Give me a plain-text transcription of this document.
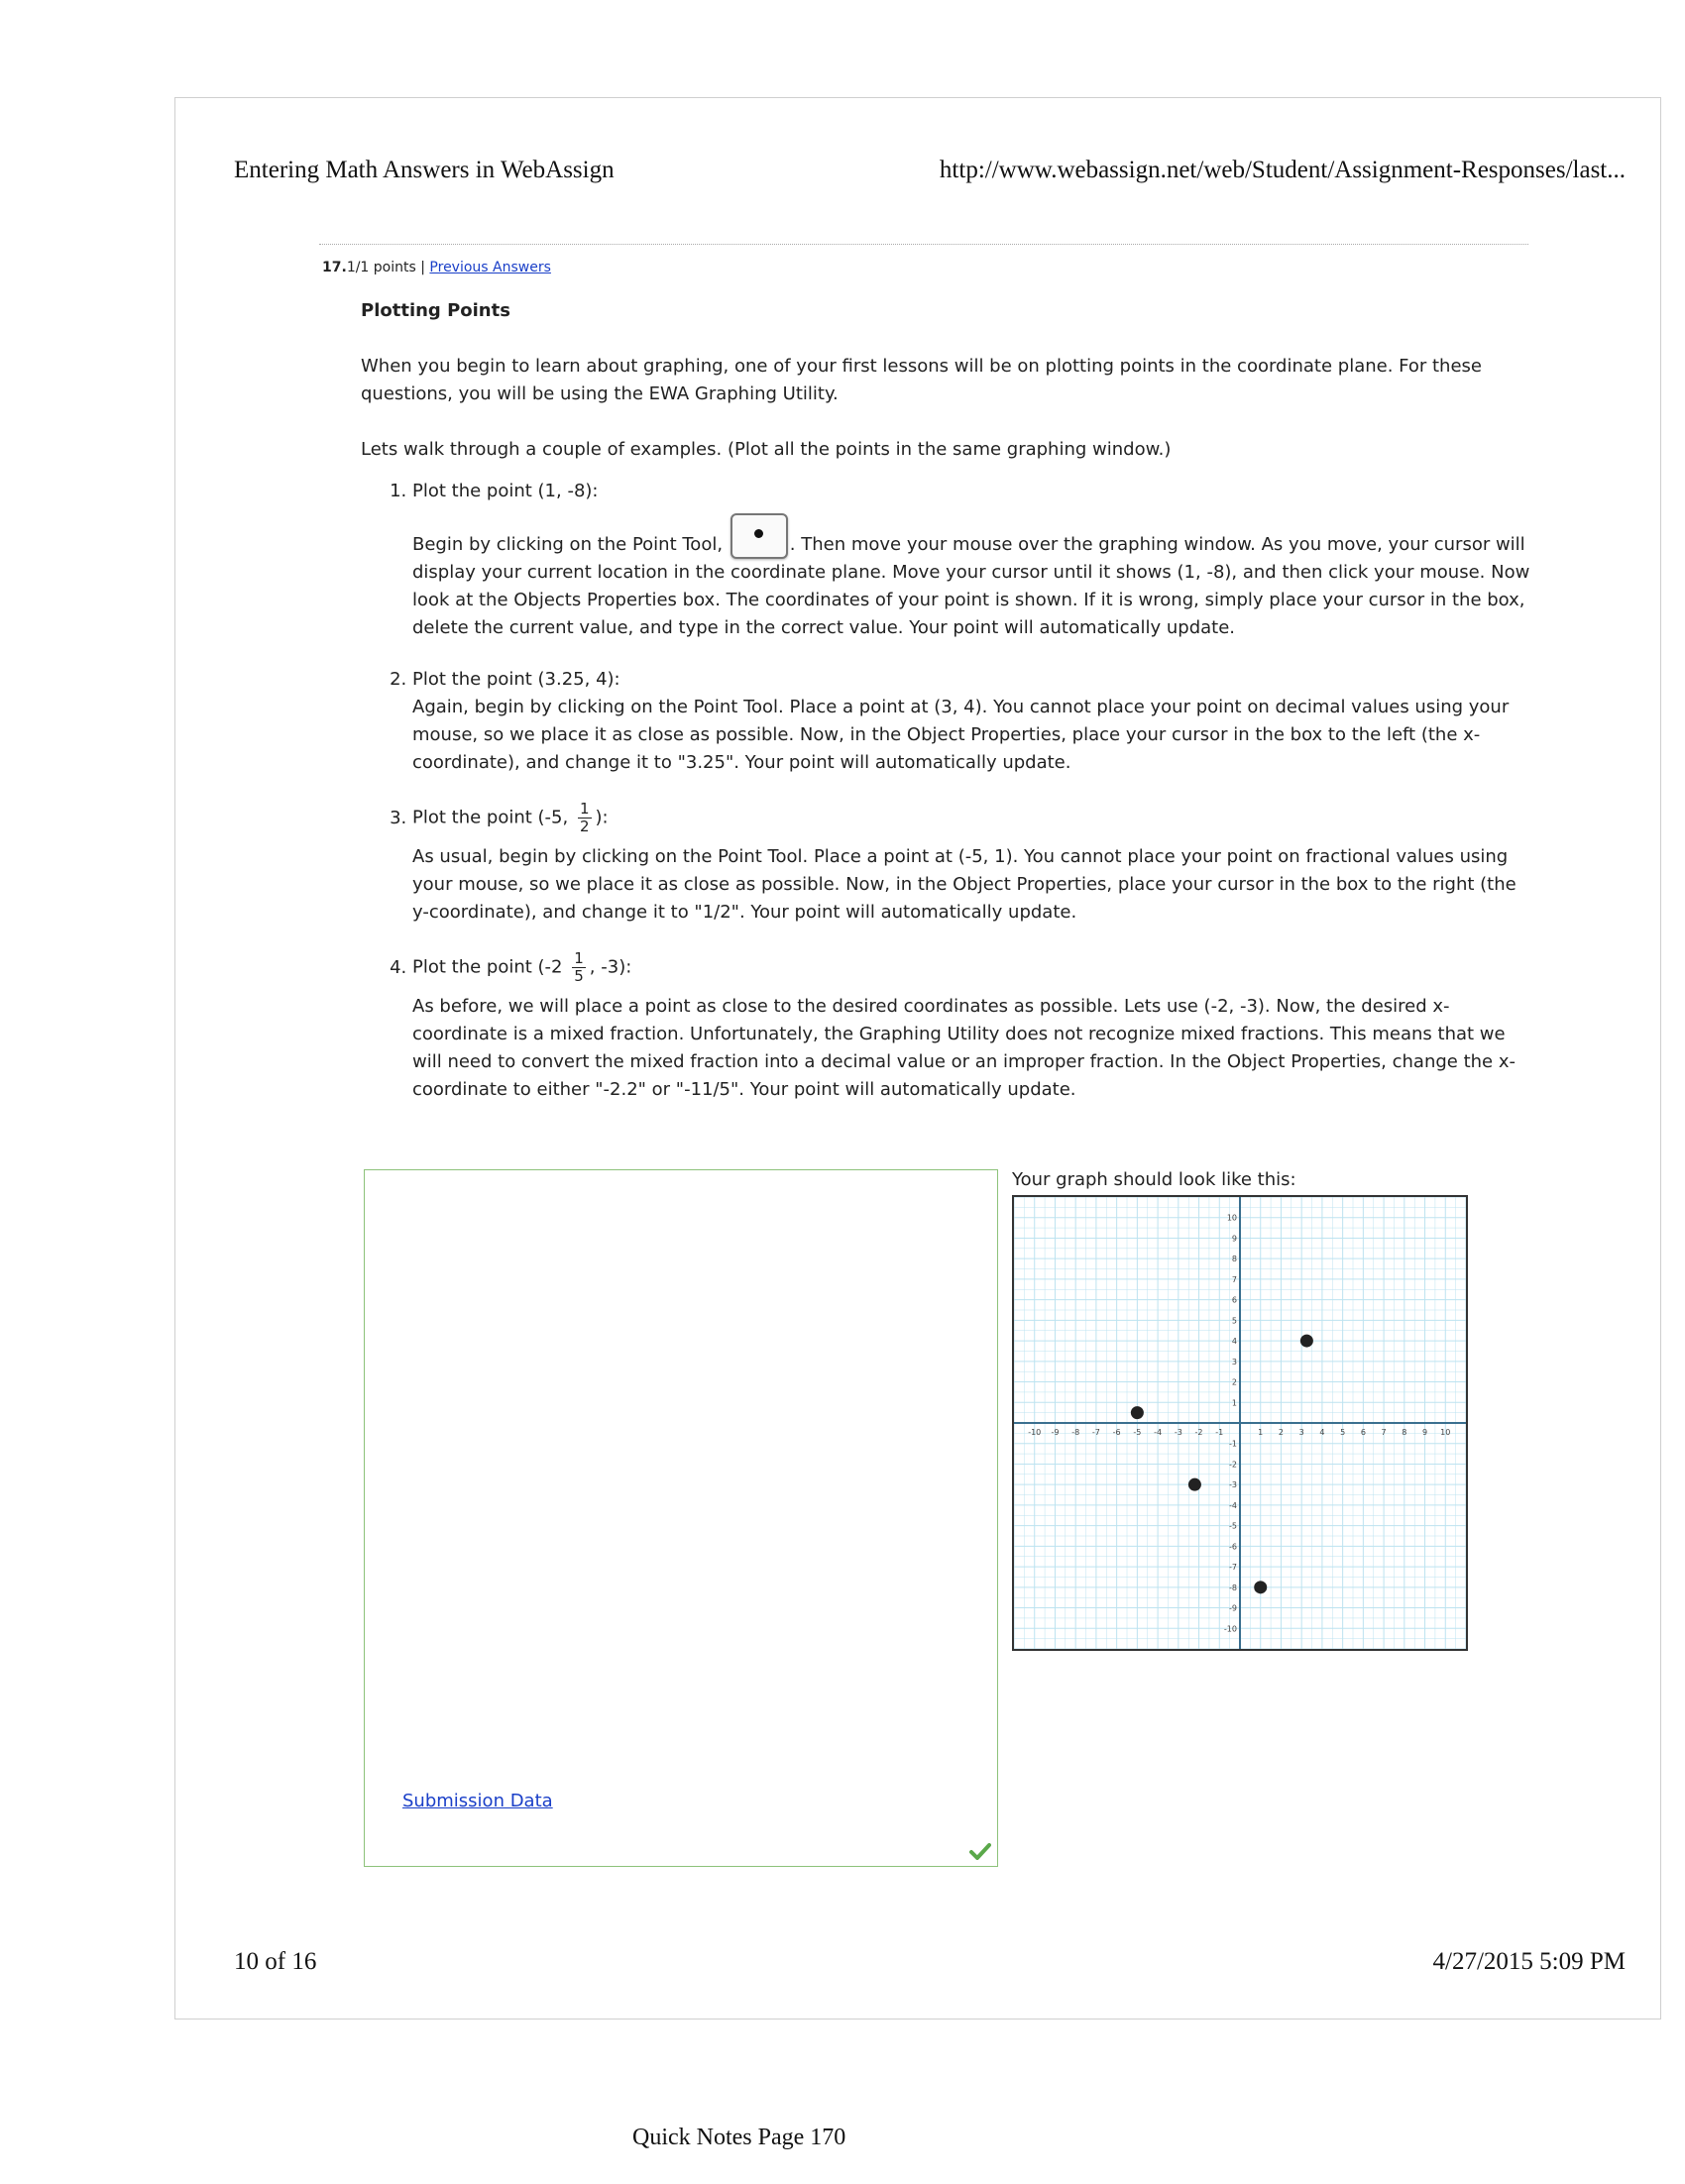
Entering Math Answers in WebAssign	http://www.webassign.net/web/Student/Assignment-Responses/last...
17.1/1 points | Previous Answers

Plotting Points

When you begin to learn about graphing, one of your first lessons will be on plotting points in the coordinate plane. For these questions, you will be using the EWA Graphing Utility.

Lets walk through a couple of examples. (Plot all the points in the same graphing window.)

1. Plot the point (1, -8):
Begin by clicking on the Point Tool,	. Then move your mouse over the graphing window. As you move, your cursor will display your current location in the coordinate plane. Move your cursor until it shows (1, -8), and then click your mouse. Now look at the Objects Properties box. The coordinates of your point is shown. If it is wrong, simply place your cursor in the box, delete the current value, and type in the correct value. Your point will automatically update.
2. Plot the point (3.25, 4):
Again, begin by clicking on the Point Tool. Place a point at (3, 4). You cannot place your point on decimal values using your mouse, so we place it as close as possible. Now, in the Object Properties, place your cursor in the box to the left (the x-coordinate), and change it to "3.25". Your point will automatically update.
3. Plot the point (-5, $\frac{1}{2}$ ):
As usual, begin by clicking on the Point Tool. Place a point at (-5, 1). You cannot place your point on fractional values using your mouse, so we place it as close as possible. Now, in the Object Properties, place your cursor in the box to the right (the y-coordinate), and change it to "1/2". Your point will automatically update.
4. Plot the point ($-2 \frac{1}{5}$ , -3):
As before, we will place a point as close to the desired coordinates as possible. Lets use (-2, -3). Now, the desired x-coordinate is a mixed fraction. Unfortunately, the Graphing Utility does not recognize mixed fractions. This means that we will need to convert the mixed fraction into a decimal value or an improper fraction. In the Object Properties, change the x-coordinate to either "-2.2" or "-11/5". Your point will automatically update.
Submission Data
Your graph should look like this:
-10 -9 -8 -7 -6 -5 -4 -3 -2 -1	1 2 3 4 5 6 7 8 9 10
-10
-9
-8
-7
-6
-5
-4
-3
-2
-1
1
2
3
4
5
6
7
8
9
10
10 of 16	4/27/2015 5:09 PM
Quick Notes Page 170
